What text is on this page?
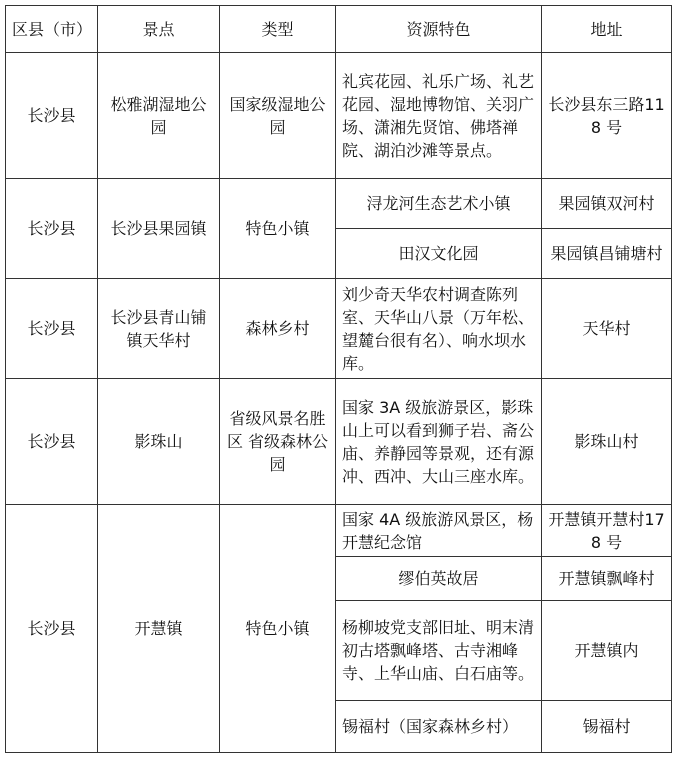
区县（市）	景点	类型	资源特色	地址
长沙县	松雅湖湿地公园	国家级湿地公园	礼宾花园、礼乐广场、礼艺花园、湿地博物馆、关羽广场、潇湘先贤馆、佛塔禅院、湖泊沙滩等景点。	长沙县东三路118 号
长沙县	长沙县果园镇	特色小镇	浔龙河生态艺术小镇	果园镇双河村
			田汉文化园	果园镇昌铺塘村
长沙县	长沙县青山铺镇天华村	森林乡村	刘少奇天华农村调查陈列室、天华山八景（万年松、望麓台很有名）、响水坝水库。	天华村
长沙县	影珠山	省级风景名胜区 省级森林公园	国家 3A 级旅游景区，影珠山上可以看到狮子岩、斋公庙、养静园等景观，还有源冲、西冲、大山三座水库。	影珠山村
长沙县	开慧镇	特色小镇	国家 4A 级旅游风景区，杨开慧纪念馆	开慧镇开慧村178 号
			缪伯英故居	开慧镇飘峰村
			杨柳坡党支部旧址、明末清初古塔飘峰塔、古寺湘峰寺、上华山庙、白石庙等。	开慧镇内
			锡福村（国家森林乡村）	锡福村
